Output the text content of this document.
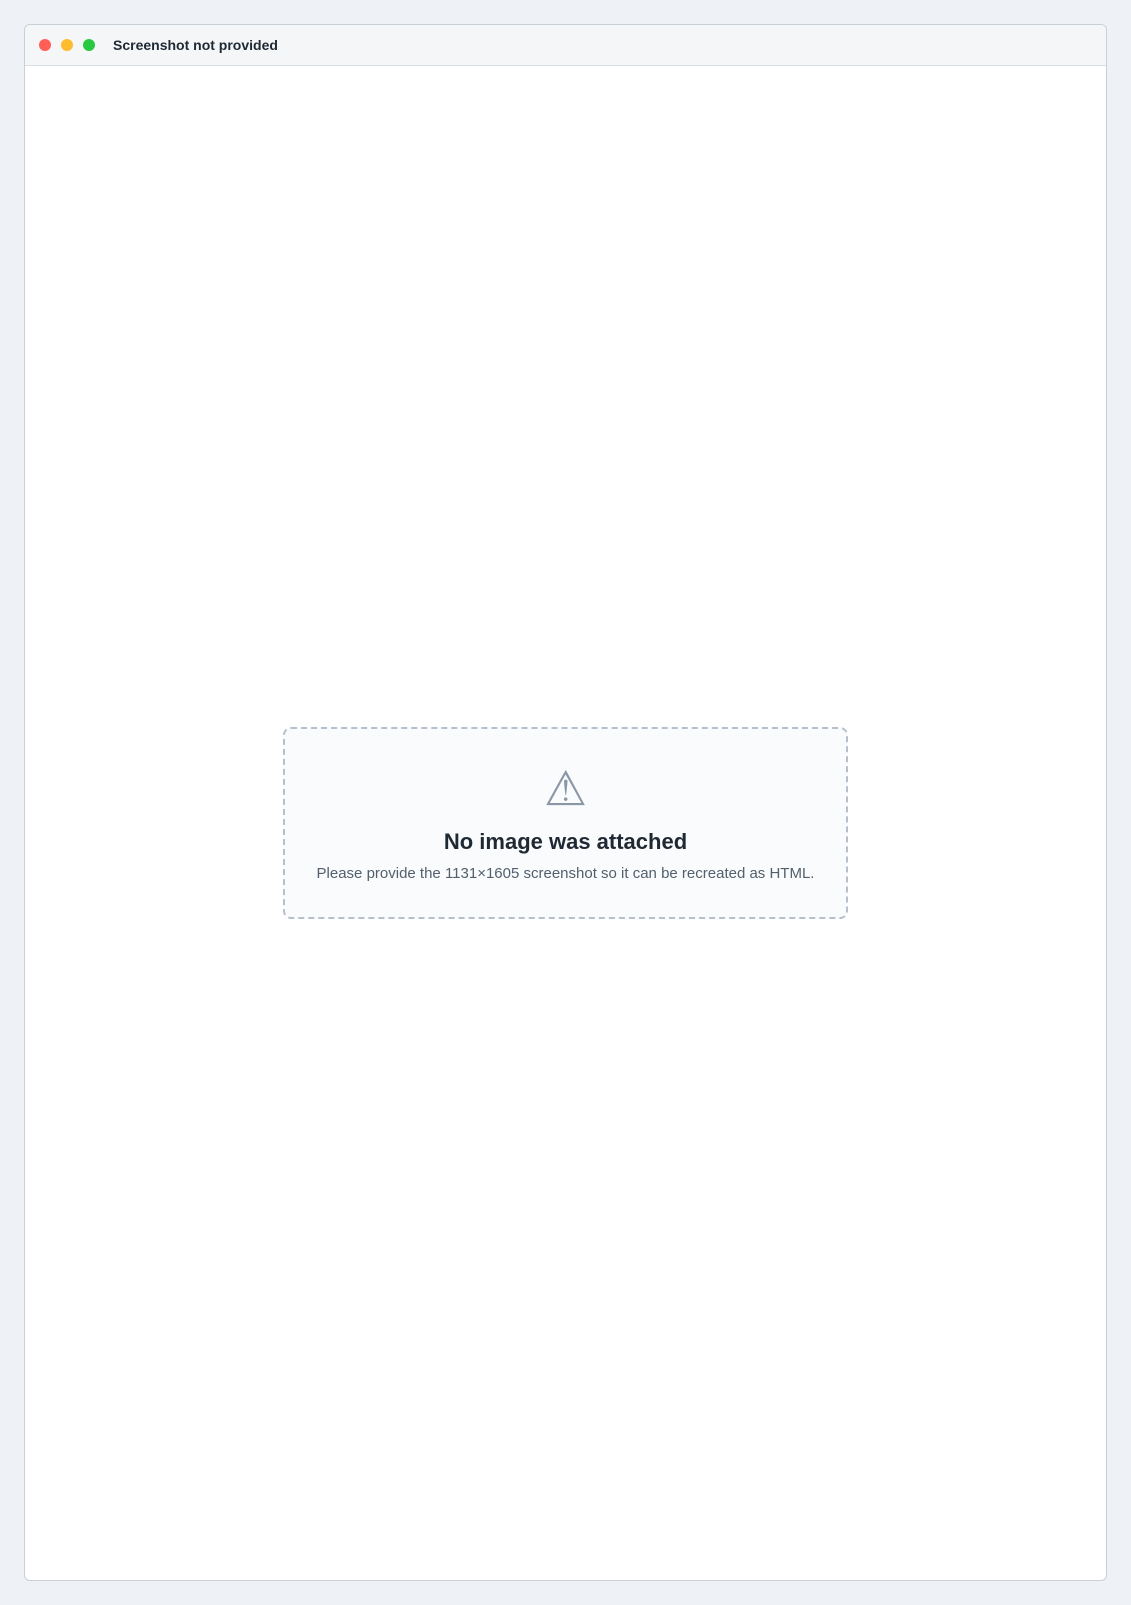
Screenshot not provided
⚠
No image was attached
Please provide the 1131×1605 screenshot so it can be recreated as HTML.
